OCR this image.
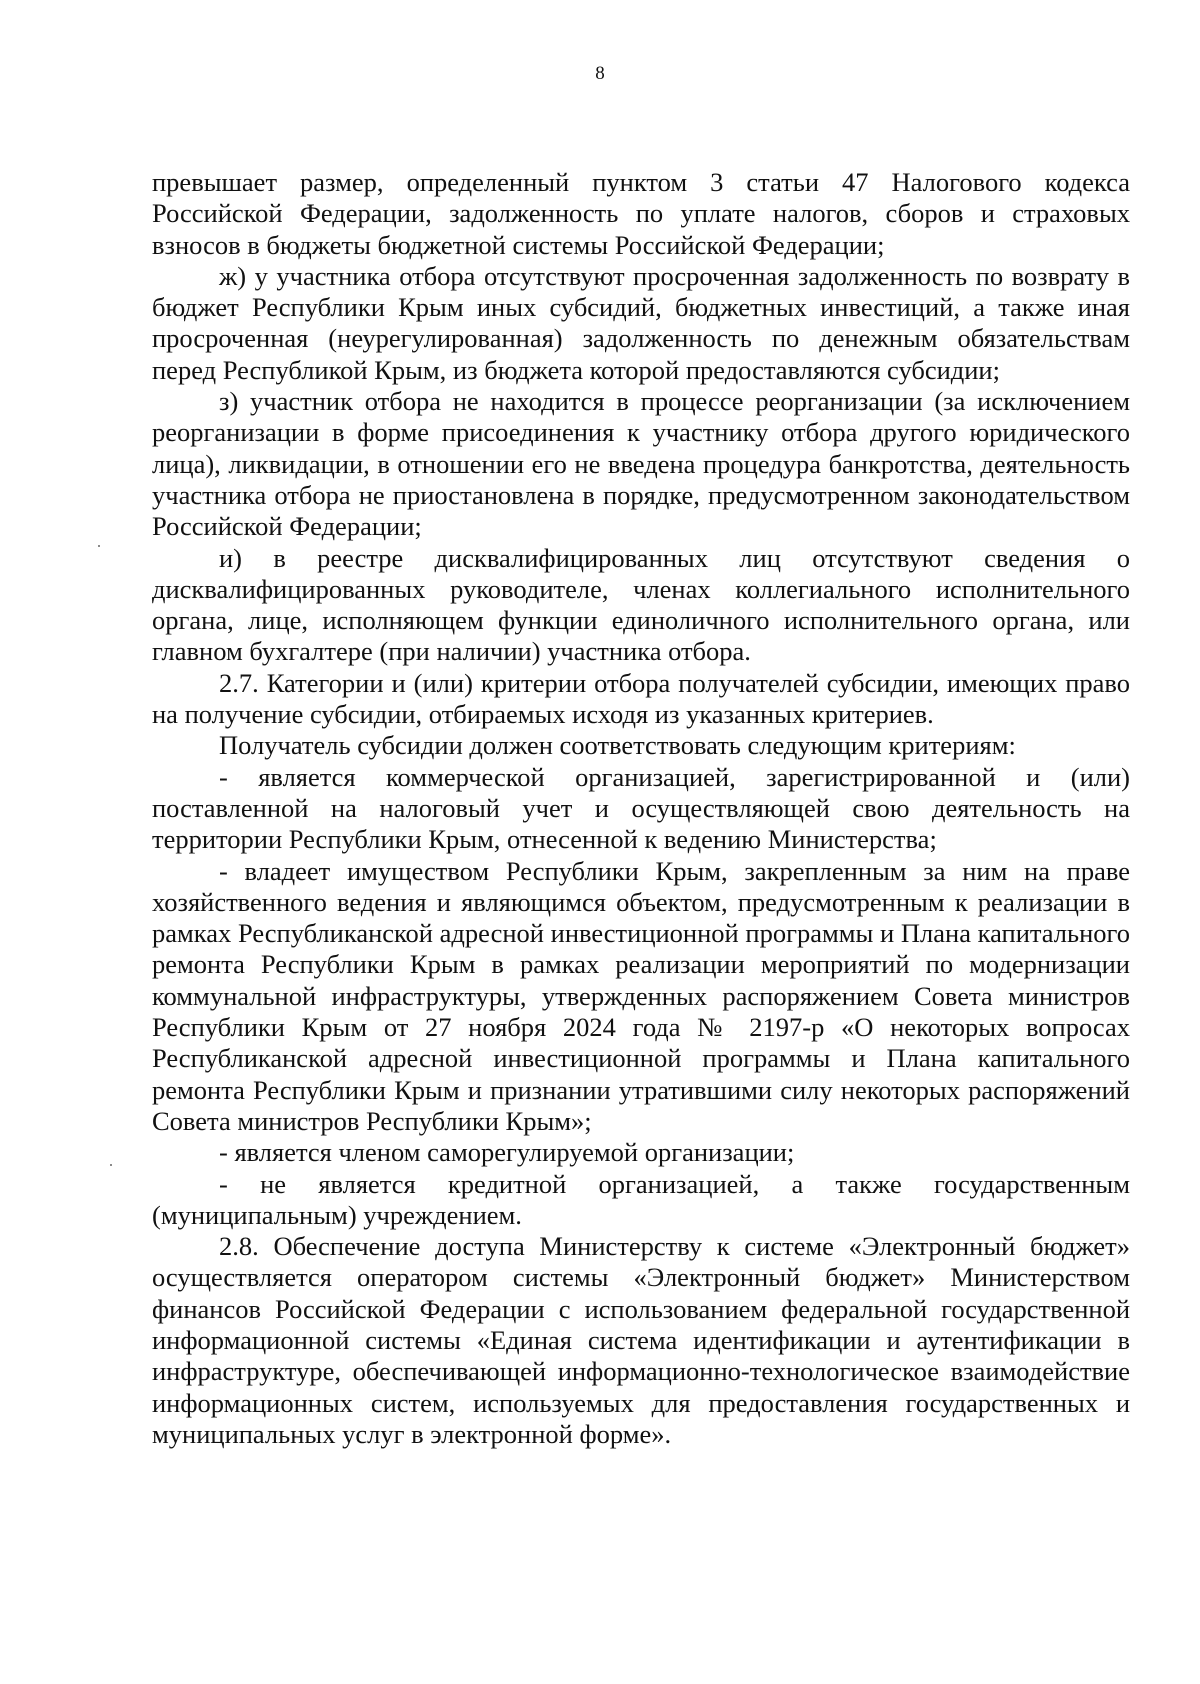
8

превышает размер, определенный пунктом 3 статьи 47 Налогового кодекса Российской Федерации, задолженность по уплате налогов, сборов и страховых взносов в бюджеты бюджетной системы Российской Федерации;

ж) у участника отбора отсутствуют просроченная задолженность по возврату в бюджет Республики Крым иных субсидий, бюджетных инвестиций, а также иная просроченная (неурегулированная) задолженность по денежным обязательствам перед Республикой Крым, из бюджета которой предоставляются субсидии;

з) участник отбора не находится в процессе реорганизации (за исключением реорганизации в форме присоединения к участнику отбора другого юридического лица), ликвидации, в отношении его не введена процедура банкротства, деятельность участника отбора не приостановлена в порядке, предусмотренном законодательством Российской Федерации;

и) в реестре дисквалифицированных лиц отсутствуют сведения о дисквалифицированных руководителе, членах коллегиального исполнительного органа, лице, исполняющем функции единоличного исполнительного органа, или главном бухгалтере (при наличии) участника отбора.

2.7. Категории и (или) критерии отбора получателей субсидии, имеющих право на получение субсидии, отбираемых исходя из указанных критериев.

Получатель субсидии должен соответствовать следующим критериям:

- является коммерческой организацией, зарегистрированной и (или) поставленной на налоговый учет и осуществляющей свою деятельность на территории Республики Крым, отнесенной к ведению Министерства;

- владеет имуществом Республики Крым, закрепленным за ним на праве хозяйственного ведения и являющимся объектом, предусмотренным к реализации в рамках Республиканской адресной инвестиционной программы и Плана капитального ремонта Республики Крым в рамках реализации мероприятий по модернизации коммунальной инфраструктуры, утвержденных распоряжением Совета министров Республики Крым от 27 ноября 2024 года № 2197-р «О некоторых вопросах Республиканской адресной инвестиционной программы и Плана капитального ремонта Республики Крым и признании утратившими силу некоторых распоряжений Совета министров Республики Крым»;

- является членом саморегулируемой организации;

- не является кредитной организацией, а также государственным (муниципальным) учреждением.

2.8. Обеспечение доступа Министерству к системе «Электронный бюджет» осуществляется оператором системы «Электронный бюджет» Министерством финансов Российской Федерации с использованием федеральной государственной информационной системы «Единая система идентификации и аутентификации в инфраструктуре, обеспечивающей информационно-технологическое взаимодействие информационных систем, используемых для предоставления государственных и муниципальных услуг в электронной форме».
